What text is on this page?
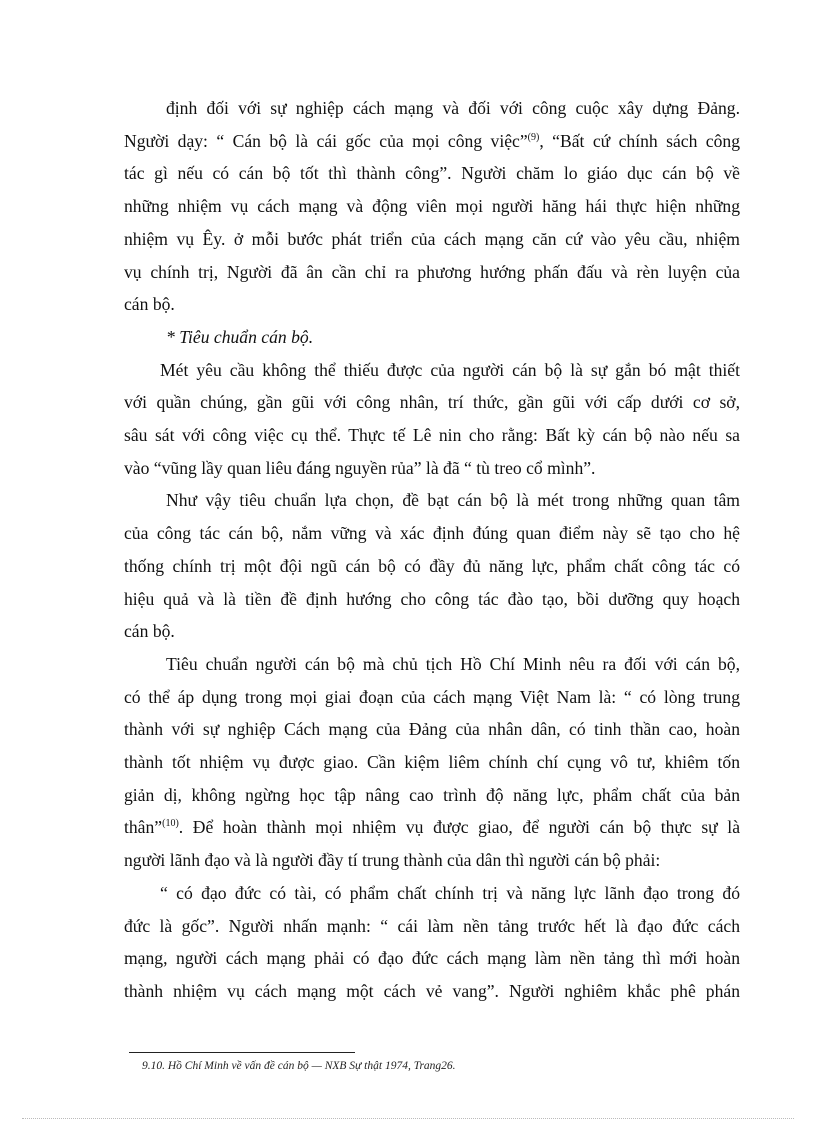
định đối với sự nghiệp cách mạng và đối với công cuộc xây dựng Đảng.

Người dạy: “ Cán bộ là cái gốc của mọi công việc”$^{(9)}$, “Bất cứ chính sách công

tác gì nếu có cán bộ tốt thì thành công”. Người chăm lo giáo dục cán bộ về

những nhiệm vụ cách mạng và động viên mọi người hăng hái thực hiện những

nhiệm vụ Êy. ở mỗi bước phát triển của cách mạng căn cứ vào yêu cầu, nhiệm

vụ chính trị, Người đã ân cần chỉ ra phương hướng phấn đấu và rèn luyện của

cán bộ.

* Tiêu chuẩn cán bộ.

Mét yêu cầu không thể thiếu được của người cán bộ là sự gắn bó mật thiết

với quần chúng, gần gũi với công nhân, trí thức, gần gũi với cấp dưới cơ sở,

sâu sát với công việc cụ thể. Thực tế Lê nin cho rằng: Bất kỳ cán bộ nào nếu sa

vào “vũng lầy quan liêu đáng nguyền rủa” là đã “ tù treo cổ mình”.

Như vậy tiêu chuẩn lựa chọn, đề bạt cán bộ là mét trong những quan tâm

của công tác cán bộ, nắm vững và xác định đúng quan điểm này sẽ tạo cho hệ

thống chính trị một đội ngũ cán bộ có đầy đủ năng lực, phẩm chất công tác có

hiệu quả và là tiền đề định hướng cho công tác đào tạo, bồi dưỡng quy hoạch

cán bộ.

Tiêu chuẩn người cán bộ mà chủ tịch Hồ Chí Minh nêu ra đối với cán bộ,

có thể áp dụng trong mọi giai đoạn của cách mạng Việt Nam là: “ có lòng trung

thành với sự nghiệp Cách mạng của Đảng của nhân dân, có tinh thần cao, hoàn

thành tốt nhiệm vụ được giao. Cần kiệm liêm chính chí cụng vô tư, khiêm tốn

giản dị, không ngừng học tập nâng cao trình độ năng lực, phẩm chất của bản

thân”$^{(10)}$. Để hoàn thành mọi nhiệm vụ được giao, để người cán bộ thực sự là

người lãnh đạo và là người đầy tí trung thành của dân thì người cán bộ phải:

“ có đạo đức có tài, có phẩm chất chính trị và năng lực lãnh đạo trong đó

đức là gốc”. Người nhấn mạnh: “ cái làm nền tảng trước hết là đạo đức cách

mạng, người cách mạng phải có đạo đức cách mạng làm nền tảng thì mới hoàn

thành nhiệm vụ cách mạng một cách vẻ vang”. Người nghiêm khắc phê phán

9.10. Hồ Chí Minh về vấn đề cán bộ — NXB Sự thật 1974, Trang26.
